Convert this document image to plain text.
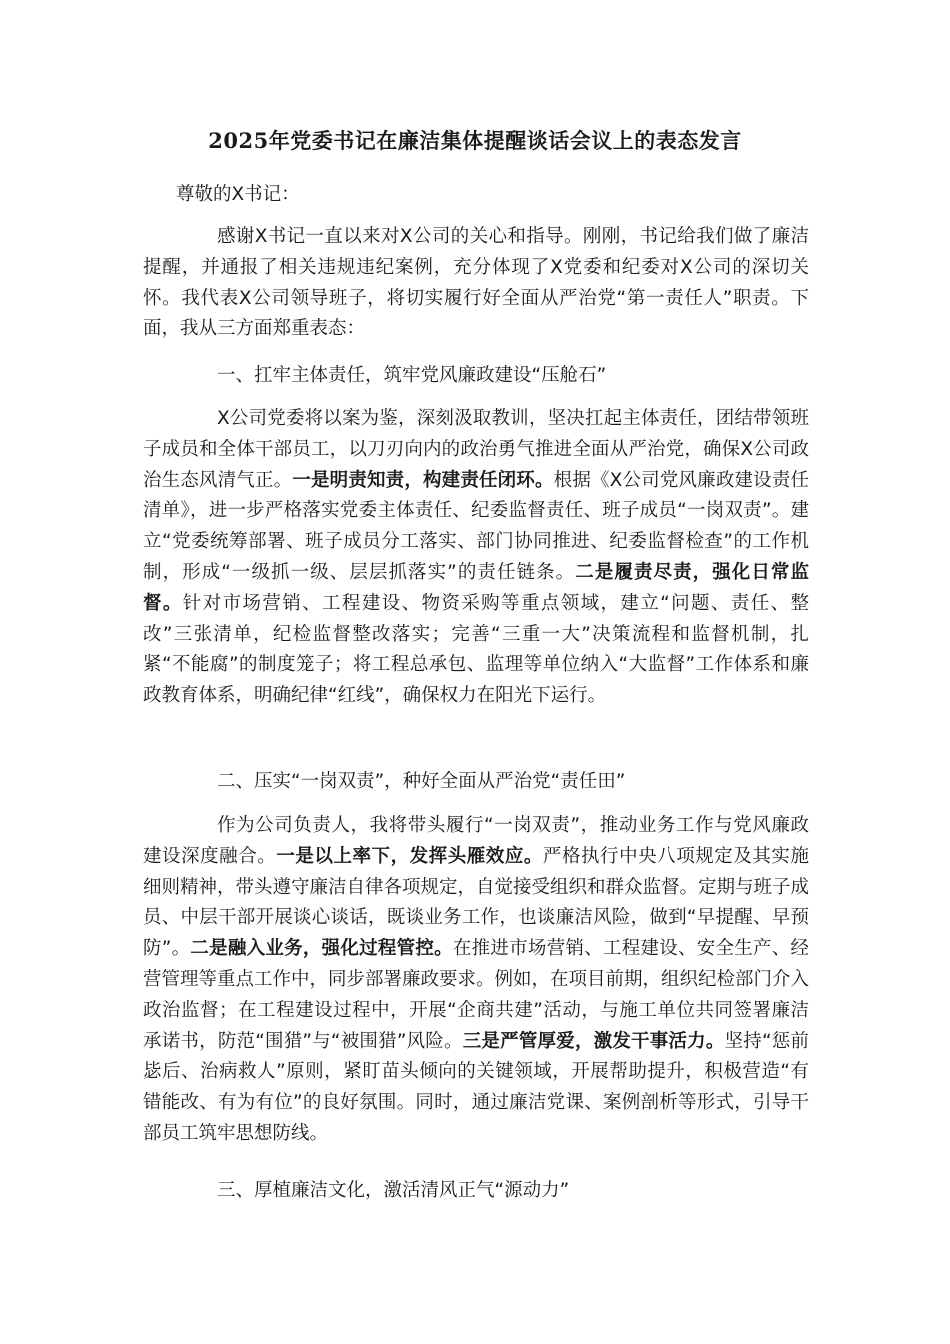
2025年党委书记在廉洁集体提醒谈话会议上的表态发言

尊敬的X书记：

感谢X书记一直以来对X公司的关心和指导。刚刚，书记给我们做了廉洁提醒，并通报了相关违规违纪案例，充分体现了X党委和纪委对X公司的深切关怀。我代表X公司领导班子，将切实履行好全面从严治党“第一责任人”职责。下面，我从三方面郑重表态：

一、扛牢主体责任，筑牢党风廉政建设“压舱石”

X公司党委将以案为鉴，深刻汲取教训，坚决扛起主体责任，团结带领班子成员和全体干部员工，以刀刃向内的政治勇气推进全面从严治党，确保X公司政治生态风清气正。一是明责知责，构建责任闭环。根据《X公司党风廉政建设责任清单》，进一步严格落实党委主体责任、纪委监督责任、班子成员“一岗双责”。建立“党委统筹部署、班子成员分工落实、部门协同推进、纪委监督检查”的工作机制，形成“一级抓一级、层层抓落实”的责任链条。二是履责尽责，强化日常监督。针对市场营销、工程建设、物资采购等重点领域，建立“问题、责任、整改”三张清单，纪检监督整改落实；完善“三重一大”决策流程和监督机制，扎紧“不能腐”的制度笼子；将工程总承包、监理等单位纳入“大监督”工作体系和廉政教育体系，明确纪律“红线”，确保权力在阳光下运行。

二、压实“一岗双责”，种好全面从严治党“责任田”

作为公司负责人，我将带头履行“一岗双责”，推动业务工作与党风廉政建设深度融合。一是以上率下，发挥头雁效应。严格执行中央八项规定及其实施细则精神，带头遵守廉洁自律各项规定，自觉接受组织和群众监督。定期与班子成员、中层干部开展谈心谈话，既谈业务工作，也谈廉洁风险，做到“早提醒、早预防”。二是融入业务，强化过程管控。在推进市场营销、工程建设、安全生产、经营管理等重点工作中，同步部署廉政要求。例如，在项目前期，组织纪检部门介入政治监督；在工程建设过程中，开展“企商共建”活动，与施工单位共同签署廉洁承诺书，防范“围猎”与“被围猎”风险。三是严管厚爱，激发干事活力。坚持“惩前毖后、治病救人”原则，紧盯苗头倾向的关键领域，开展帮助提升，积极营造“有错能改、有为有位”的良好氛围。同时，通过廉洁党课、案例剖析等形式，引导干部员工筑牢思想防线。

三、厚植廉洁文化，激活清风正气“源动力”
